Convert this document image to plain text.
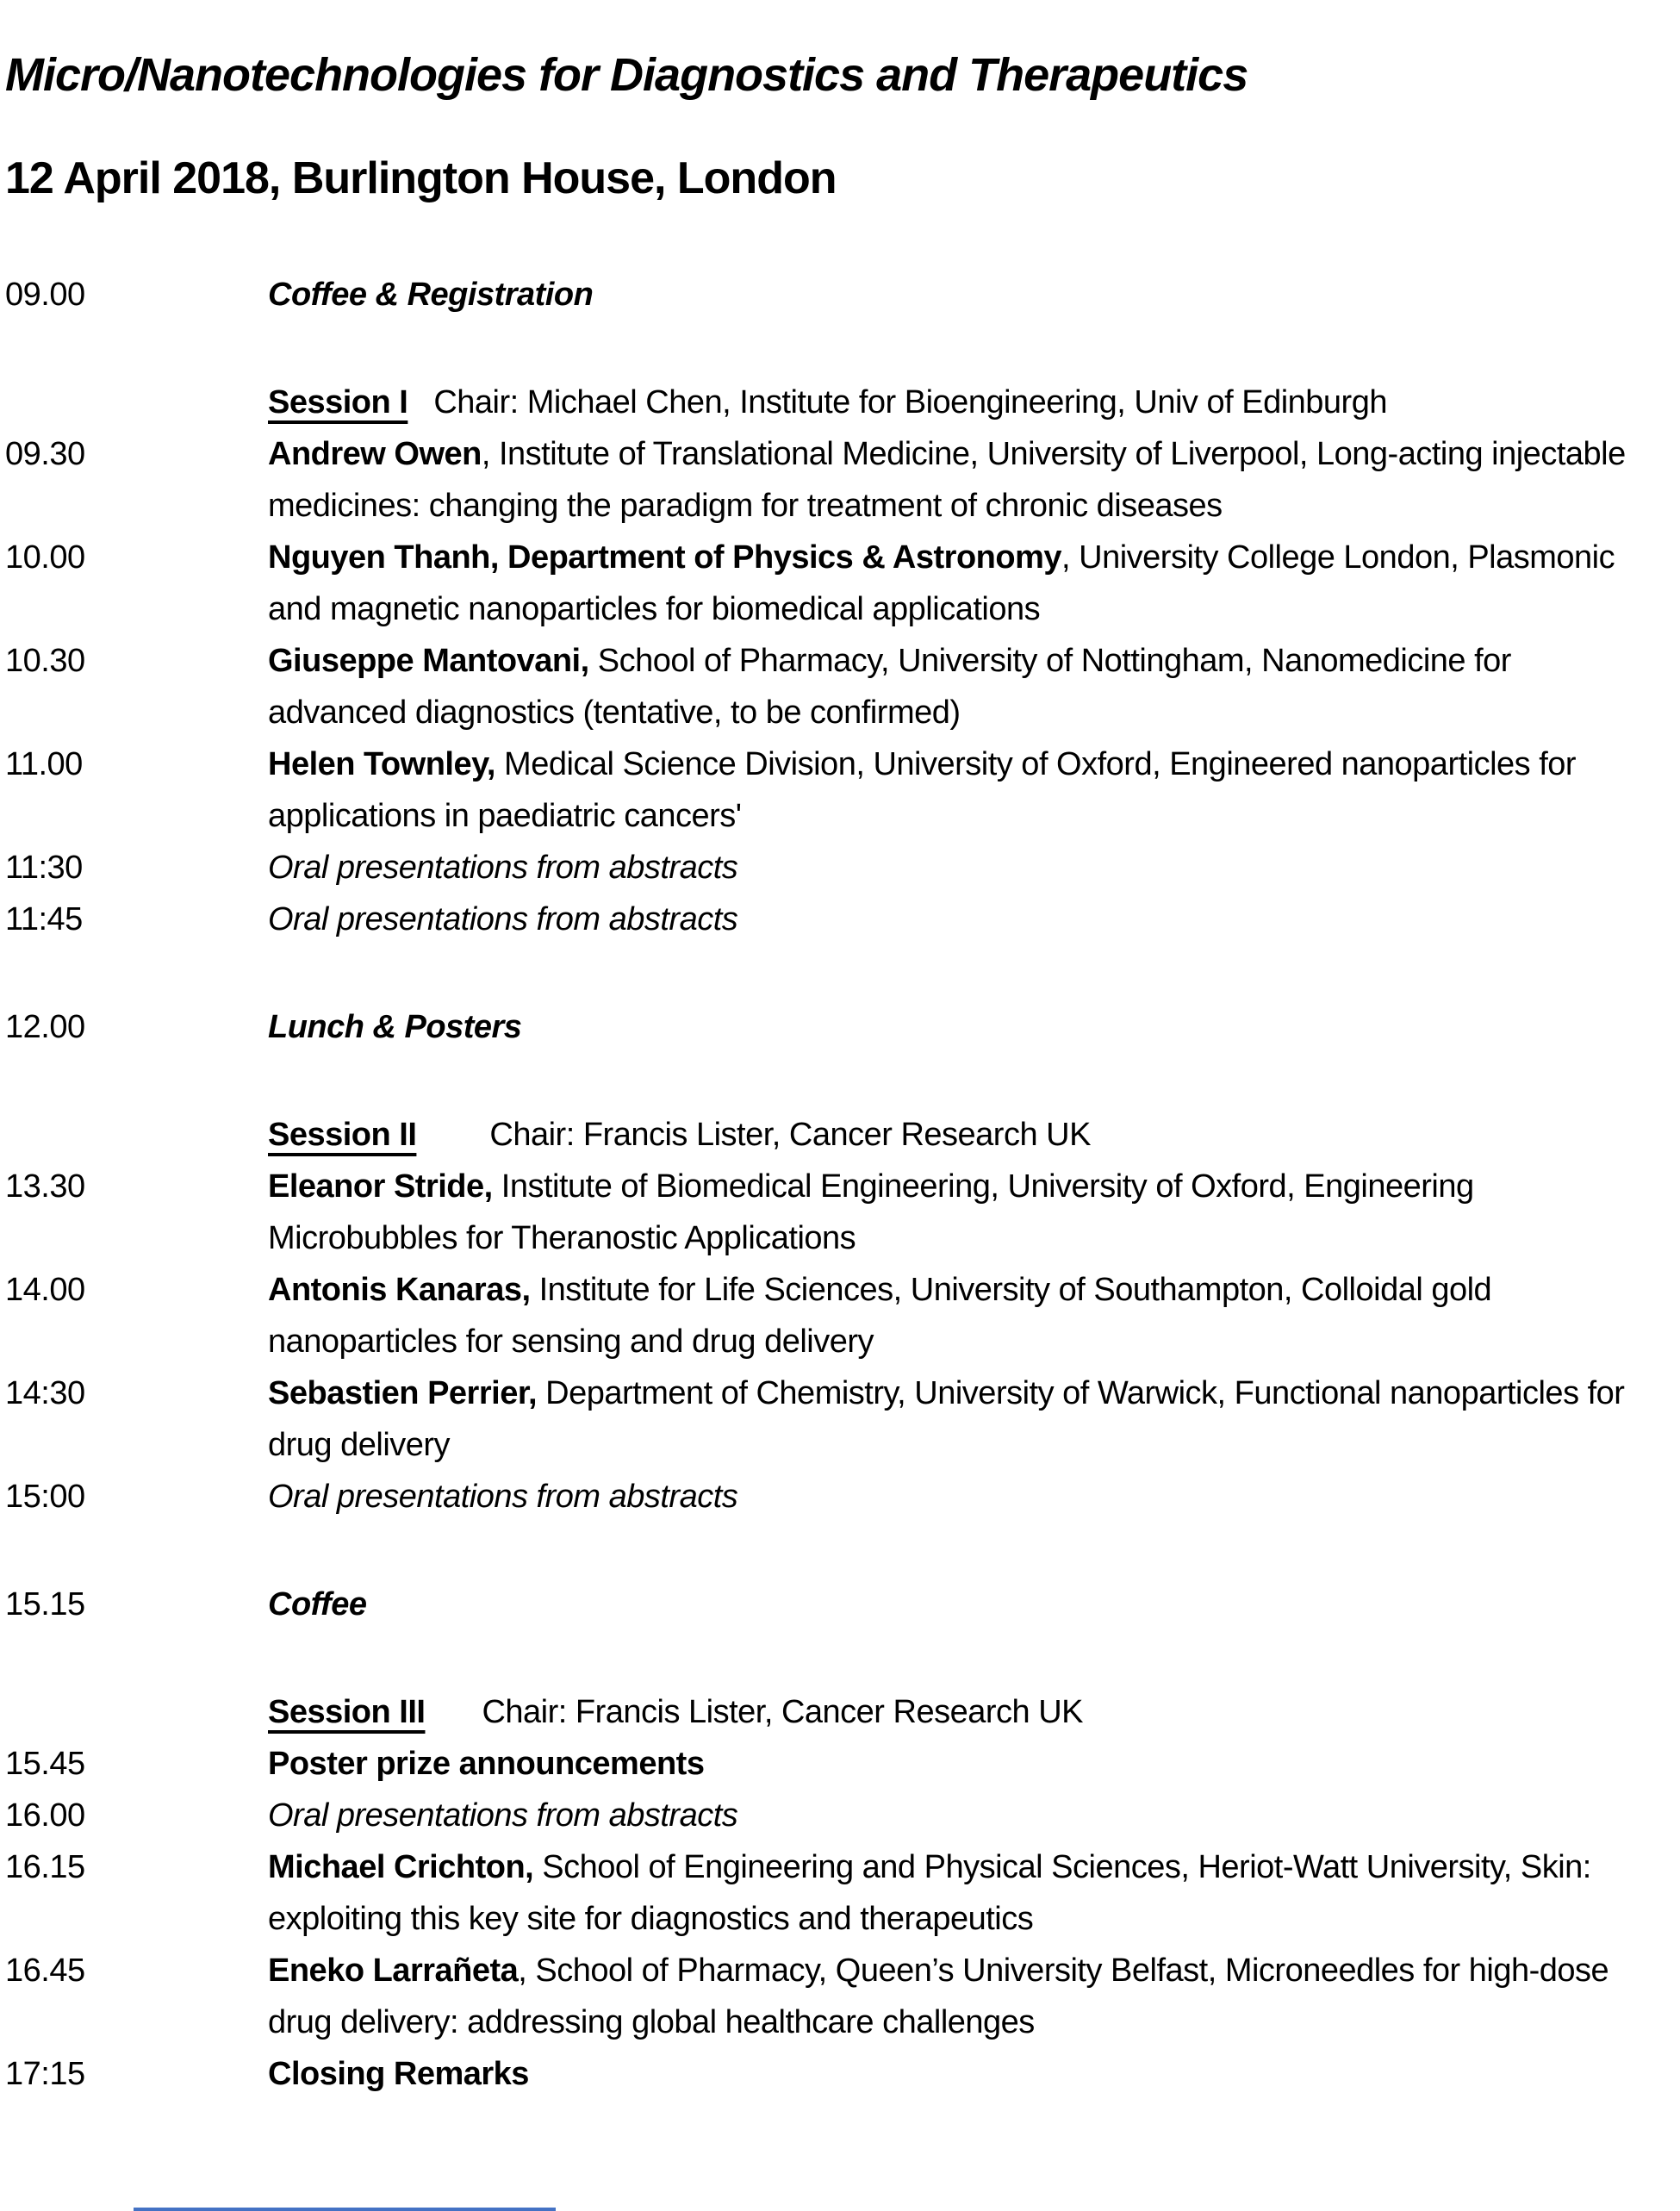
Micro/Nanotechnologies for Diagnostics and Therapeutics
12 April 2018, Burlington House, London
09.00	Coffee & Registration
Session I Chair: Michael Chen, Institute for Bioengineering, Univ of Edinburgh
09.30	Andrew Owen, Institute of Translational Medicine, University of Liverpool, Long-acting injectable medicines: changing the paradigm for treatment of chronic diseases
10.00	Nguyen Thanh, Department of Physics & Astronomy, University College London, Plasmonic and magnetic nanoparticles for biomedical applications
10.30	Giuseppe Mantovani, School of Pharmacy, University of Nottingham, Nanomedicine for advanced diagnostics (tentative, to be confirmed)
11.00	Helen Townley, Medical Science Division, University of Oxford, Engineered nanoparticles for applications in paediatric cancers'
11:30	Oral presentations from abstracts
11:45	Oral presentations from abstracts
12.00	Lunch & Posters
Session II Chair: Francis Lister, Cancer Research UK
13.30	Eleanor Stride, Institute of Biomedical Engineering, University of Oxford, Engineering Microbubbles for Theranostic Applications
14.00	Antonis Kanaras, Institute for Life Sciences, University of Southampton, Colloidal gold nanoparticles for sensing and drug delivery
14:30	Sebastien Perrier, Department of Chemistry, University of Warwick, Functional nanoparticles for drug delivery
15:00	Oral presentations from abstracts
15.15	Coffee
Session III Chair: Francis Lister, Cancer Research UK
15.45	Poster prize announcements
16.00	Oral presentations from abstracts
16.15	Michael Crichton, School of Engineering and Physical Sciences, Heriot-Watt University, Skin: exploiting this key site for diagnostics and therapeutics
16.45	Eneko Larrañeta, School of Pharmacy, Queen’s University Belfast, Microneedles for high-dose drug delivery: addressing global healthcare challenges
17:15	Closing Remarks
